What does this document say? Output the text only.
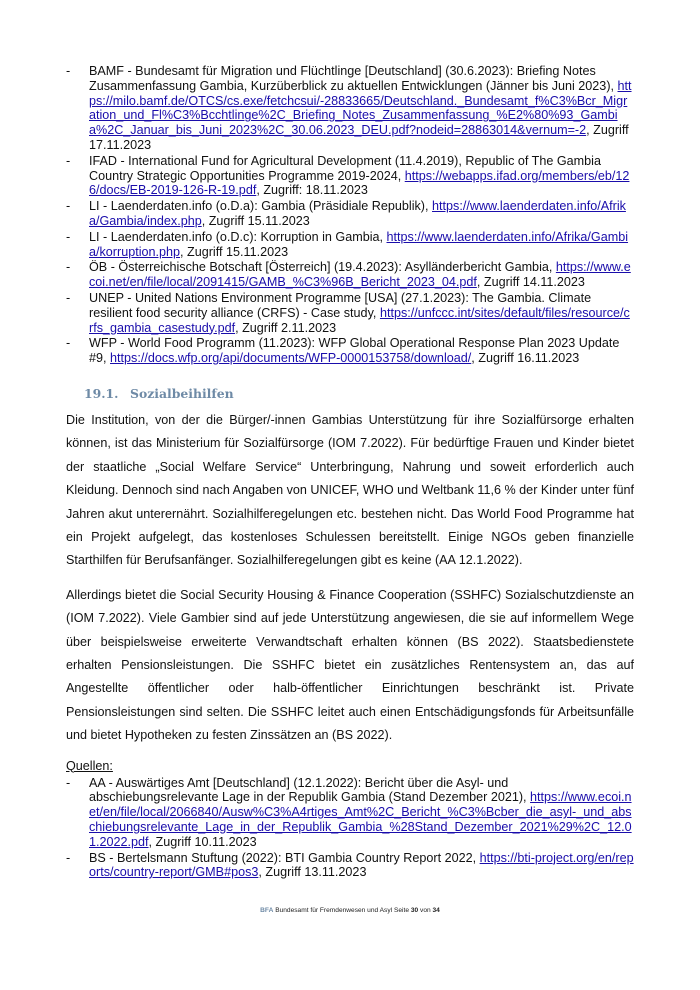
- BAMF - Bundesamt für Migration und Flüchtlinge [Deutschland] (30.6.2023): Briefing Notes Zusammenfassung Gambia, Kurzüberblick zu aktuellen Entwicklungen (Jänner bis Juni 2023), https://milo.bamf.de/OTCS/cs.exe/fetchcsui/-28833665/Deutschland._Bundesamt_f%C3%Bcr_Migration_und_Fl%C3%Bcchtlinge%2C_Briefing_Notes_Zusammenfassung_%E2%80%93_Gambia%2C_Januar_bis_Juni_2023%2C_30.06.2023_DEU.pdf?nodeid=28863014&vernum=-2, Zugriff 17.11.2023
- IFAD - International Fund for Agricultural Development (11.4.2019), Republic of The Gambia Country Strategic Opportunities Programme 2019-2024, https://webapps.ifad.org/members/eb/126/docs/EB-2019-126-R-19.pdf, Zugriff: 18.11.2023
- LI - Laenderdaten.info (o.D.a): Gambia (Präsidiale Republik), https://www.laenderdaten.info/Afrika/Gambia/index.php, Zugriff 15.11.2023
- LI - Laenderdaten.info (o.D.c): Korruption in Gambia, https://www.laenderdaten.info/Afrika/Gambia/korruption.php, Zugriff 15.11.2023
- ÖB - Österreichische Botschaft [Österreich] (19.4.2023): Asylländerbericht Gambia, https://www.ecoi.net/en/file/local/2091415/GAMB_%C3%96B_Bericht_2023_04.pdf, Zugriff 14.11.2023
- UNEP - United Nations Environment Programme [USA] (27.1.2023): The Gambia. Climate resilient food security alliance (CRFS) - Case study, https://unfccc.int/sites/default/files/resource/crfs_gambia_casestudy.pdf, Zugriff 2.11.2023
- WFP - World Food Programm (11.2023): WFP Global Operational Response Plan 2023 Update #9, https://docs.wfp.org/api/documents/WFP-0000153758/download/, Zugriff 16.11.2023
19.1. Sozialbeihilfen

Die Institution, von der die Bürger/-innen Gambias Unterstützung für ihre Sozialfürsorge erhalten können, ist das Ministerium für Sozialfürsorge (IOM 7.2022). Für bedürftige Frauen und Kinder bietet der staatliche „Social Welfare Service“ Unterbringung, Nahrung und soweit erforderlich auch Kleidung. Dennoch sind nach Angaben von UNICEF, WHO und Weltbank 11,6 % der Kinder unter fünf Jahren akut unterernährt. Sozialhilferegelungen etc. bestehen nicht. Das World Food Programme hat ein Projekt aufgelegt, das kostenloses Schulessen bereitstellt. Einige NGOs geben finanzielle Starthilfen für Berufsanfänger. Sozialhilferegelungen gibt es keine (AA 12.1.2022).

Allerdings bietet die Social Security Housing & Finance Cooperation (SSHFC) Sozialschutzdienste an (IOM 7.2022). Viele Gambier sind auf jede Unterstützung angewiesen, die sie auf informellem Wege über beispielsweise erweiterte Verwandtschaft erhalten können (BS 2022). Staatsbedienstete erhalten Pensionsleistungen. Die SSHFC bietet ein zusätzliches Rentensystem an, das auf Angestellte öffentlicher oder halb-öffentlicher Einrichtungen beschränkt ist. Private Pensionsleistungen sind selten. Die SSHFC leitet auch einen Entschädigungsfonds für Arbeitsunfälle und bietet Hypotheken zu festen Zinssätzen an (BS 2022).

Quellen:
- AA - Auswärtiges Amt [Deutschland] (12.1.2022): Bericht über die Asyl- und abschiebungsrelevante Lage in der Republik Gambia (Stand Dezember 2021), https://www.ecoi.net/en/file/local/2066840/Ausw%C3%A4rtiges_Amt%2C_Bericht_%C3%Bcber_die_asyl-_und_abschiebungsrelevante_Lage_in_der_Republik_Gambia_%28Stand_Dezember_2021%29%2C_12.01.2022.pdf, Zugriff 10.11.2023
- BS - Bertelsmann Stuftung (2022): BTI Gambia Country Report 2022, https://bti-project.org/en/reports/country-report/GMB#pos3, Zugriff 13.11.2023
BFA Bundesamt für Fremdenwesen und Asyl Seite 30 von 34
